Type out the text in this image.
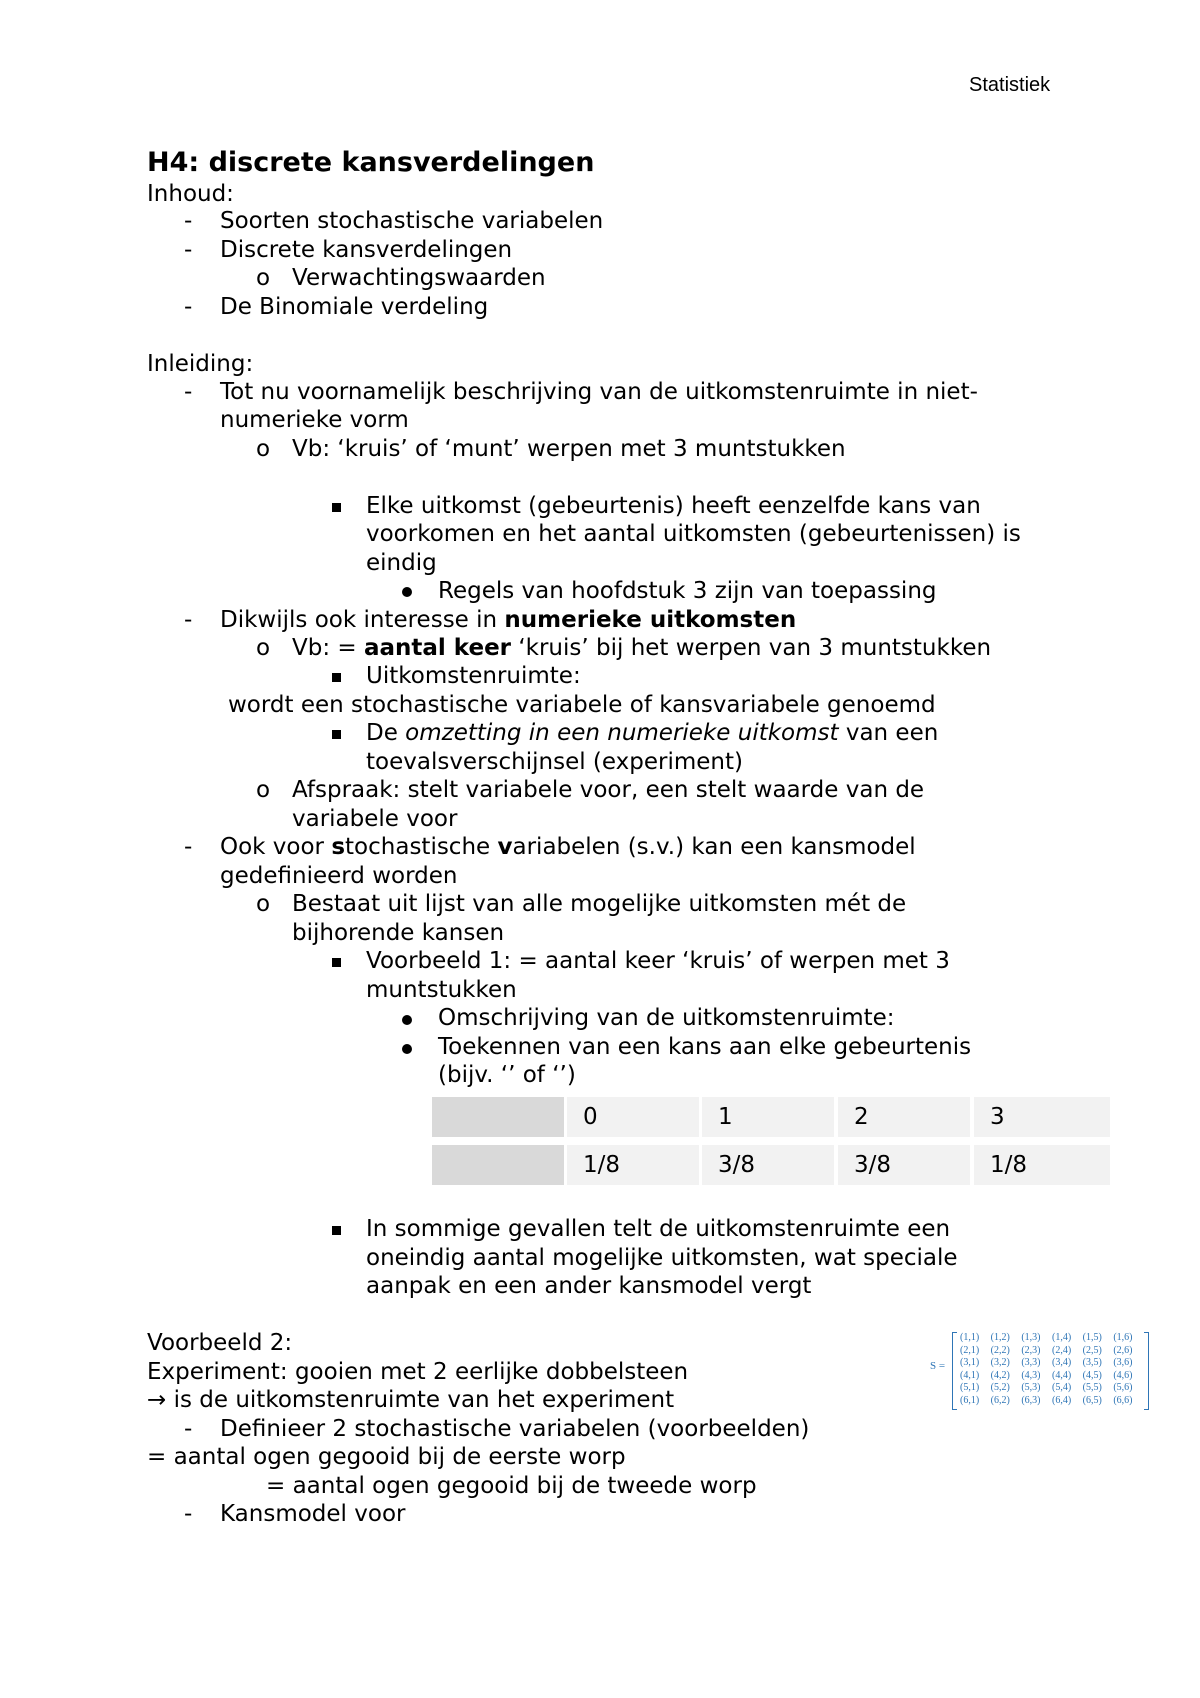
Statistiek
H4: discrete kansverdelingen
Inhoud:
- Soorten stochastische variabelen
- Discrete kansverdelingen
o Verwachtingswaarden
- De Binomiale verdeling
Inleiding:
- Tot nu voornamelijk beschrijving van de uitkomstenruimte in niet-
numerieke vorm
o Vb: ‘kruis’ of ‘munt’ werpen met 3 muntstukken
Elke uitkomst (gebeurtenis) heeft eenzelfde kans van
voorkomen en het aantal uitkomsten (gebeurtenissen) is
eindig
Regels van hoofdstuk 3 zijn van toepassing
- Dikwijls ook interesse in numerieke uitkomsten
o Vb: = aantal keer ‘kruis’ bij het werpen van 3 muntstukken
Uitkomstenruimte:
wordt een stochastische variabele of kansvariabele genoemd
De omzetting in een numerieke uitkomst van een
toevalsverschijnsel (experiment)
o Afspraak: stelt variabele voor, een stelt waarde van de
variabele voor
- Ook voor stochastische variabelen (s.v.) kan een kansmodel
gedefinieerd worden
o Bestaat uit lijst van alle mogelijke uitkomsten mét de
bijhorende kansen
Voorbeeld 1: = aantal keer ‘kruis’ of werpen met 3
muntstukken
Omschrijving van de uitkomstenruimte:
Toekennen van een kans aan elke gebeurtenis
(bijv. ‘’ of ‘’)
0	1	2	3
1/8	3/8	3/8	1/8
In sommige gevallen telt de uitkomstenruimte een
oneindig aantal mogelijke uitkomsten, wat speciale
aanpak en een ander kansmodel vergt
Voorbeeld 2:
Experiment: gooien met 2 eerlijke dobbelsteen
→ is de uitkomstenruimte van het experiment
- Definieer 2 stochastische variabelen (voorbeelden)
= aantal ogen gegooid bij de eerste worp
= aantal ogen gegooid bij de tweede worp
- Kansmodel voor
S =
(1,1)	(1,2)	(1,3)	(1,4)	(1,5)	(1,6)
(2,1)	(2,2)	(2,3)	(2,4)	(2,5)	(2,6)
(3,1)	(3,2)	(3,3)	(3,4)	(3,5)	(3,6)
(4,1)	(4,2)	(4,3)	(4,4)	(4,5)	(4,6)
(5,1)	(5,2)	(5,3)	(5,4)	(5,5)	(5,6)
(6,1)	(6,2)	(6,3)	(6,4)	(6,5)	(6,6)
